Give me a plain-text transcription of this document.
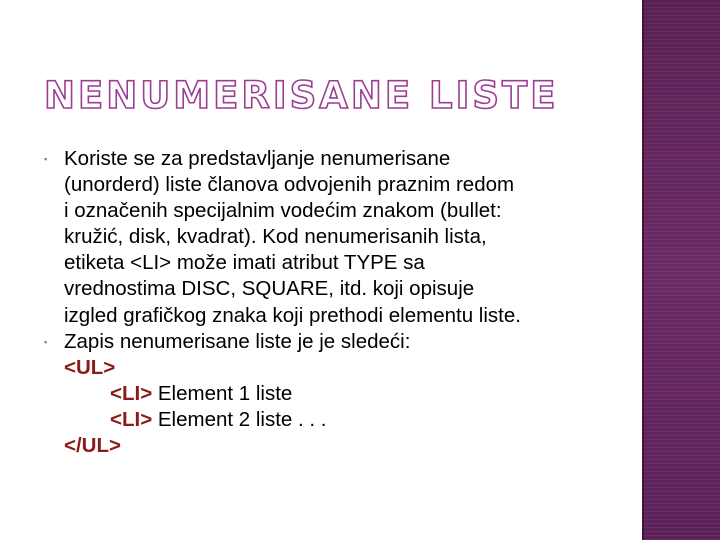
NENUMERISANE LISTE
▪ Koriste se za predstavljanje nenumerisane
(unorderd) liste članova odvojenih praznim redom
i označenih specijalnim vodećim znakom (bullet:
kružić, disk, kvadrat). Kod nenumerisanih lista,
etiketa <LI> može imati atribut TYPE sa
vrednostima DISC, SQUARE, itd. koji opisuje
izgled grafičkog znaka koji prethodi elementu liste.
▪ Zapis nenumerisane liste je je sledeći:
<UL>
<LI> Element 1 liste
<LI> Element 2 liste . . .
</UL>
